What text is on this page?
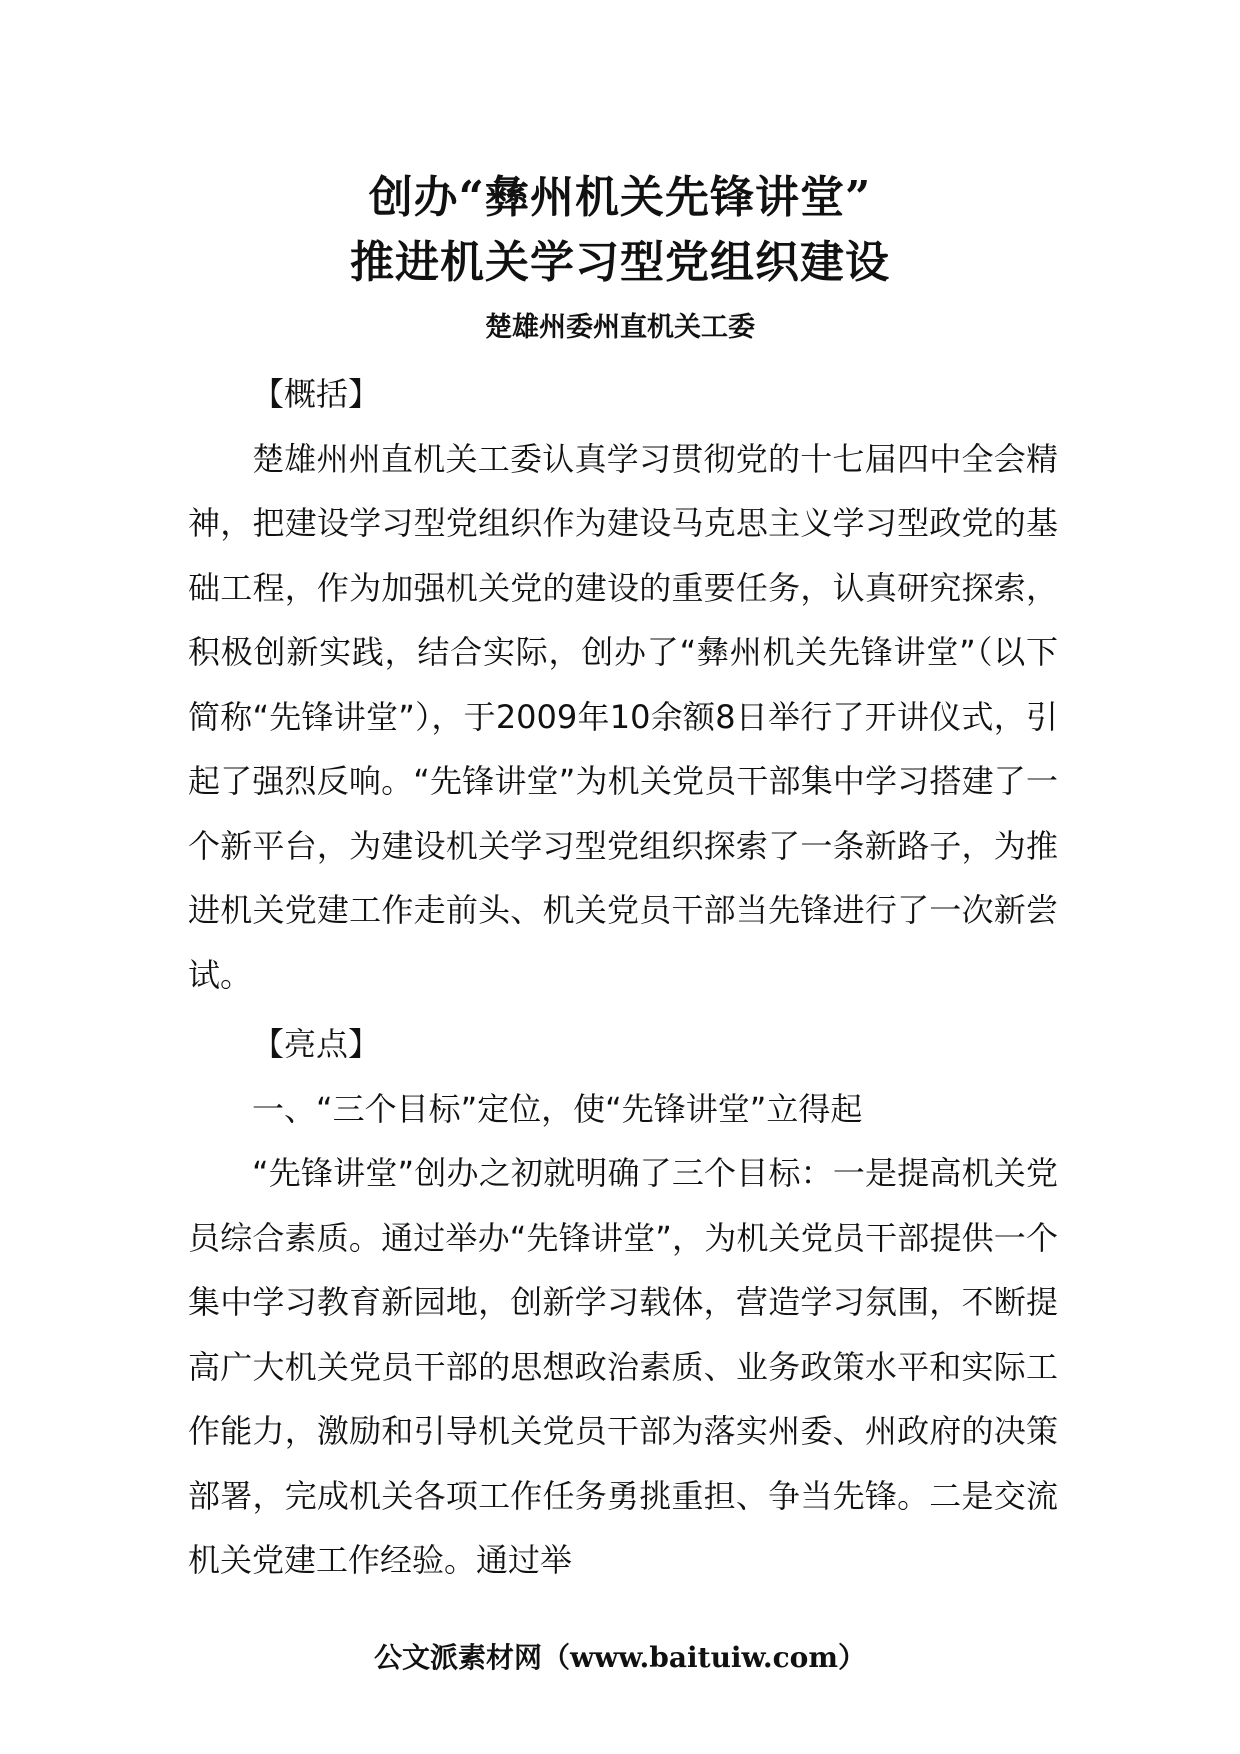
创办“彝州机关先锋讲堂”
推进机关学习型党组织建设
楚雄州委州直机关工委

【概括】

楚雄州州直机关工委认真学习贯彻党的十七届四中全会精神，把建设学习型党组织作为建设马克思主义学习型政党的基础工程，作为加强机关党的建设的重要任务，认真研究探索，积极创新实践，结合实际，创办了“彝州机关先锋讲堂”（以下简称“先锋讲堂”），于2009年10余额8日举行了开讲仪式，引起了强烈反响。“先锋讲堂”为机关党员干部集中学习搭建了一个新平台，为建设机关学习型党组织探索了一条新路子，为推进机关党建工作走前头、机关党员干部当先锋进行了一次新尝试。

【亮点】

一、“三个目标”定位，使“先锋讲堂”立得起

“先锋讲堂”创办之初就明确了三个目标：一是提高机关党员综合素质。通过举办“先锋讲堂”，为机关党员干部提供一个集中学习教育新园地，创新学习载体，营造学习氛围，不断提高广大机关党员干部的思想政治素质、业务政策水平和实际工作能力，激励和引导机关党员干部为落实州委、州政府的决策部署，完成机关各项工作任务勇挑重担、争当先锋。二是交流机关党建工作经验。通过举

公文派素材网（www.baituiw.com）
